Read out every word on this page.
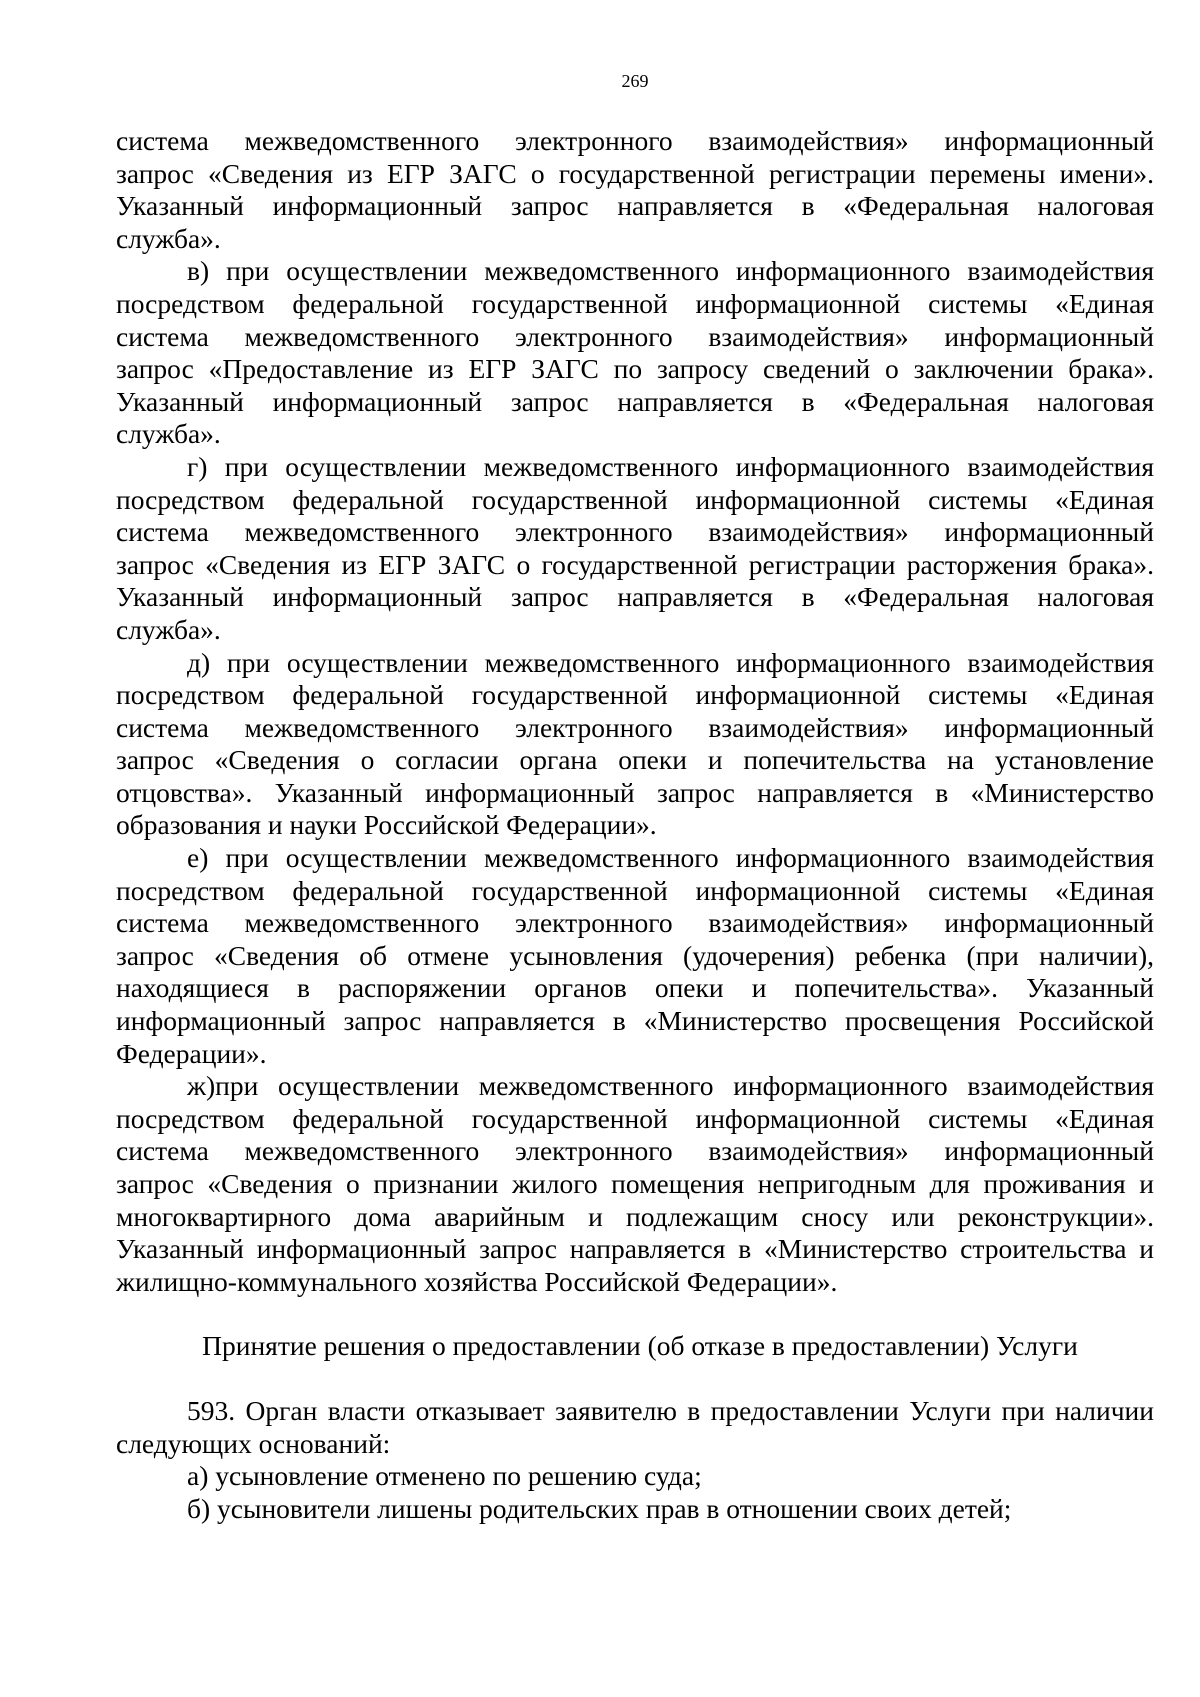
269
система межведомственного электронного взаимодействия» информационный
запрос «Сведения из ЕГР ЗАГС о государственной регистрации перемены имени».
Указанный информационный запрос направляется в «Федеральная налоговая
служба».
в) при осуществлении межведомственного информационного взаимодействия
посредством федеральной государственной информационной системы «Единая
система межведомственного электронного взаимодействия» информационный
запрос «Предоставление из ЕГР ЗАГС по запросу сведений о заключении брака».
Указанный информационный запрос направляется в «Федеральная налоговая
служба».
г) при осуществлении межведомственного информационного взаимодействия
посредством федеральной государственной информационной системы «Единая
система межведомственного электронного взаимодействия» информационный
запрос «Сведения из ЕГР ЗАГС о государственной регистрации расторжения брака».
Указанный информационный запрос направляется в «Федеральная налоговая
служба».
д) при осуществлении межведомственного информационного взаимодействия
посредством федеральной государственной информационной системы «Единая
система межведомственного электронного взаимодействия» информационный
запрос «Сведения о согласии органа опеки и попечительства на установление
отцовства». Указанный информационный запрос направляется в «Министерство
образования и науки Российской Федерации».
е) при осуществлении межведомственного информационного взаимодействия
посредством федеральной государственной информационной системы «Единая
система межведомственного электронного взаимодействия» информационный
запрос «Сведения об отмене усыновления (удочерения) ребенка (при наличии),
находящиеся в распоряжении органов опеки и попечительства». Указанный
информационный запрос направляется в «Министерство просвещения Российской
Федерации».
ж)при осуществлении межведомственного информационного взаимодействия
посредством федеральной государственной информационной системы «Единая
система межведомственного электронного взаимодействия» информационный
запрос «Сведения о признании жилого помещения непригодным для проживания и
многоквартирного дома аварийным и подлежащим сносу или реконструкции».
Указанный информационный запрос направляется в «Министерство строительства и
жилищно-коммунального хозяйства Российской Федерации».
Принятие решения о предоставлении (об отказе в предоставлении) Услуги
593. Орган власти отказывает заявителю в предоставлении Услуги при наличии
следующих оснований:
а) усыновление отменено по решению суда;
б) усыновители лишены родительских прав в отношении своих детей;
